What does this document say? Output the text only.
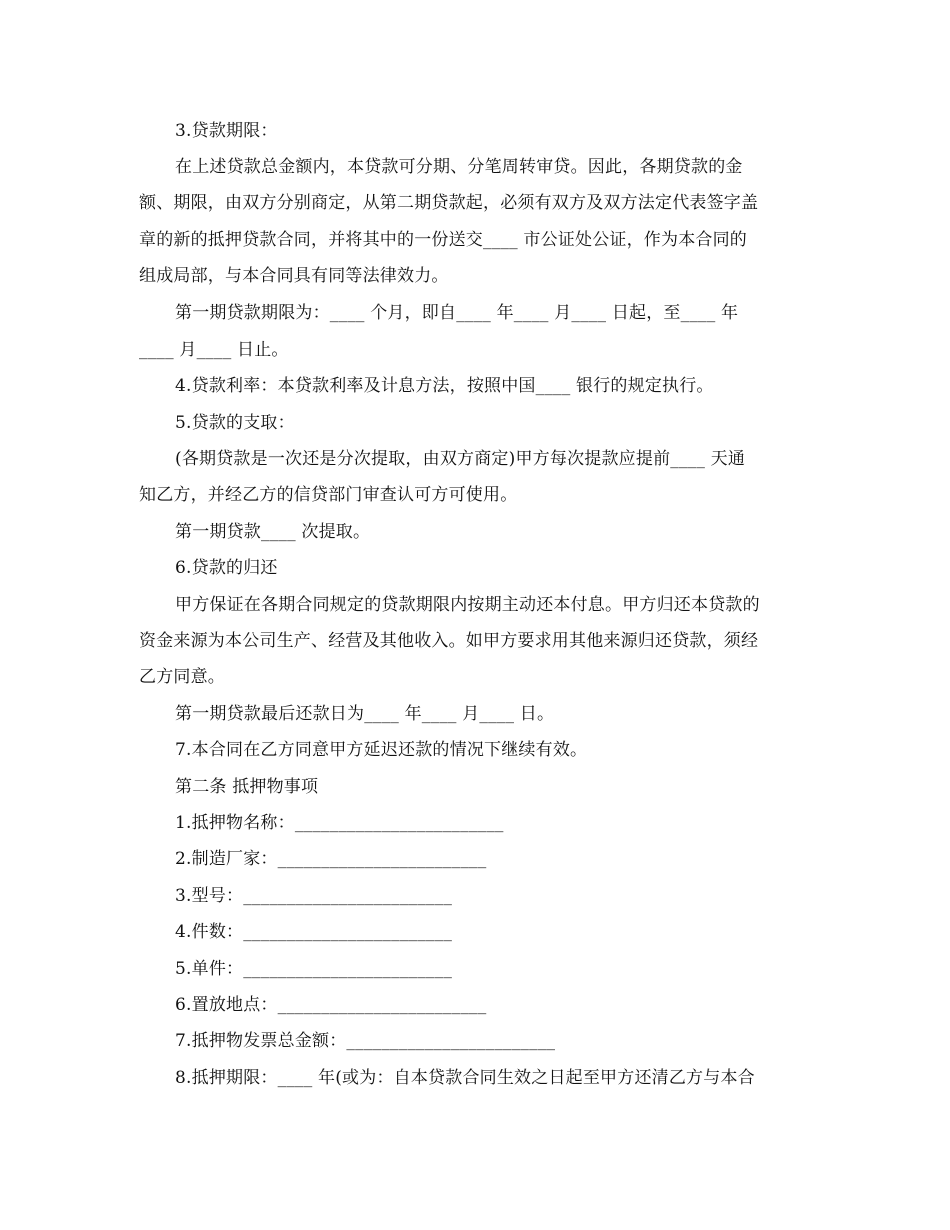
3.贷款期限：

在上述贷款总金额内，本贷款可分期、分笔周转审贷。因此，各期贷款的金

额、期限，由双方分别商定，从第二期贷款起，必须有双方及双方法定代表签字盖

章的新的抵押贷款合同，并将其中的一份送交____ 市公证处公证，作为本合同的

组成局部，与本合同具有同等法律效力。

第一期贷款期限为：____ 个月，即自____ 年____ 月____ 日起，至____ 年

____ 月____ 日止。

4.贷款利率：本贷款利率及计息方法，按照中国____ 银行的规定执行。

5.贷款的支取：

(各期贷款是一次还是分次提取，由双方商定)甲方每次提款应提前____ 天通

知乙方，并经乙方的信贷部门审查认可方可使用。

第一期贷款____ 次提取。

6.贷款的归还

甲方保证在各期合同规定的贷款期限内按期主动还本付息。甲方归还本贷款的

资金来源为本公司生产、经营及其他收入。如甲方要求用其他来源归还贷款，须经

乙方同意。

第一期贷款最后还款日为____ 年____ 月____ 日。

7.本合同在乙方同意甲方延迟还款的情况下继续有效。

第二条 抵押物事项

1.抵押物名称：________________________

2.制造厂家：________________________

3.型号：________________________

4.件数：________________________

5.单件：________________________

6.置放地点：________________________

7.抵押物发票总金额：________________________

8.抵押期限：____ 年(或为：自本贷款合同生效之日起至甲方还清乙方与本合
